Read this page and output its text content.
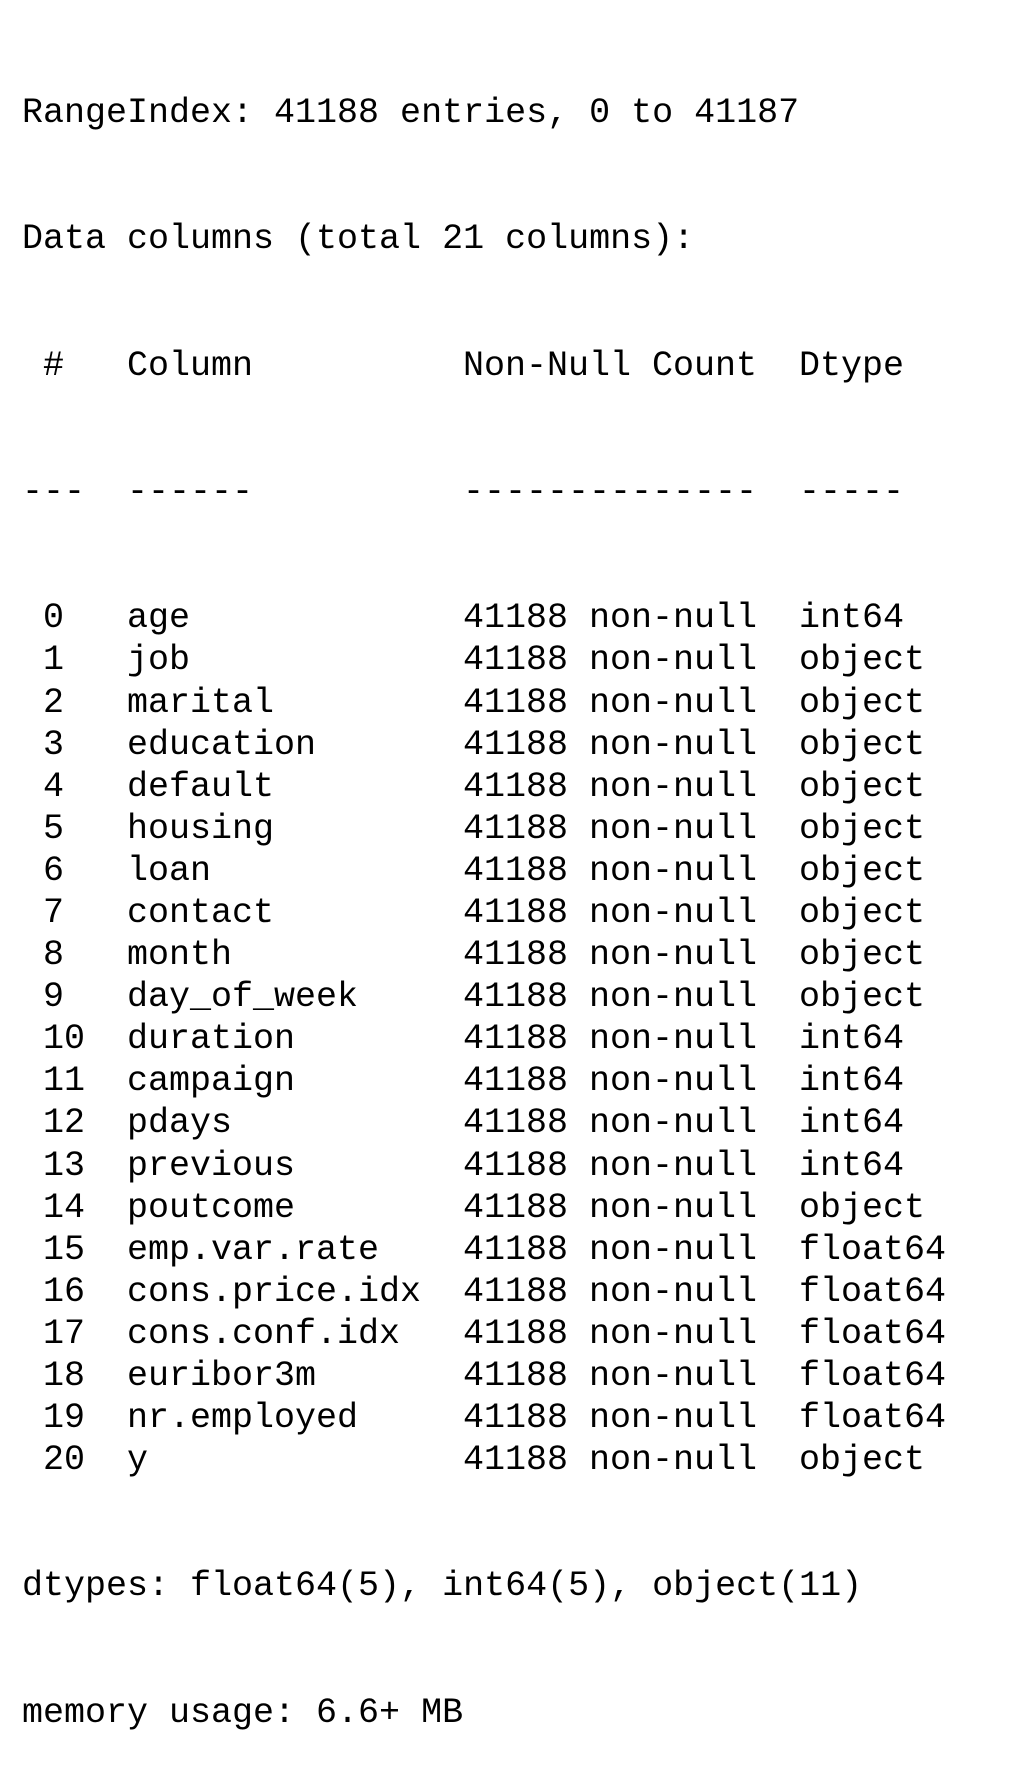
RangeIndex: 41188 entries, 0 to 41187

Data columns (total 21 columns):

# Column	Non-Null Count Dtype

--- ------	-------------- -----

0 age	41188 non-null int64
1 job	41188 non-null object
2 marital	41188 non-null object
3 education	41188 non-null object
4 default	41188 non-null object
5 housing	41188 non-null object
6 loan	41188 non-null object
7 contact	41188 non-null object
8 month	41188 non-null object
9 day_of_week	41188 non-null object
10 duration	41188 non-null int64
11 campaign	41188 non-null int64
12 pdays	41188 non-null int64
13 previous	41188 non-null int64
14 poutcome	41188 non-null object
15 emp.var.rate 41188 non-null float64
16 cons.price.idx 41188 non-null float64
17 cons.conf.idx 41188 non-null float64
18 euribor3m	41188 non-null float64
19 nr.employed	41188 non-null float64
20 y	41188 non-null object

dtypes: float64(5), int64(5), object(11)

memory usage: 6.6+ MB
